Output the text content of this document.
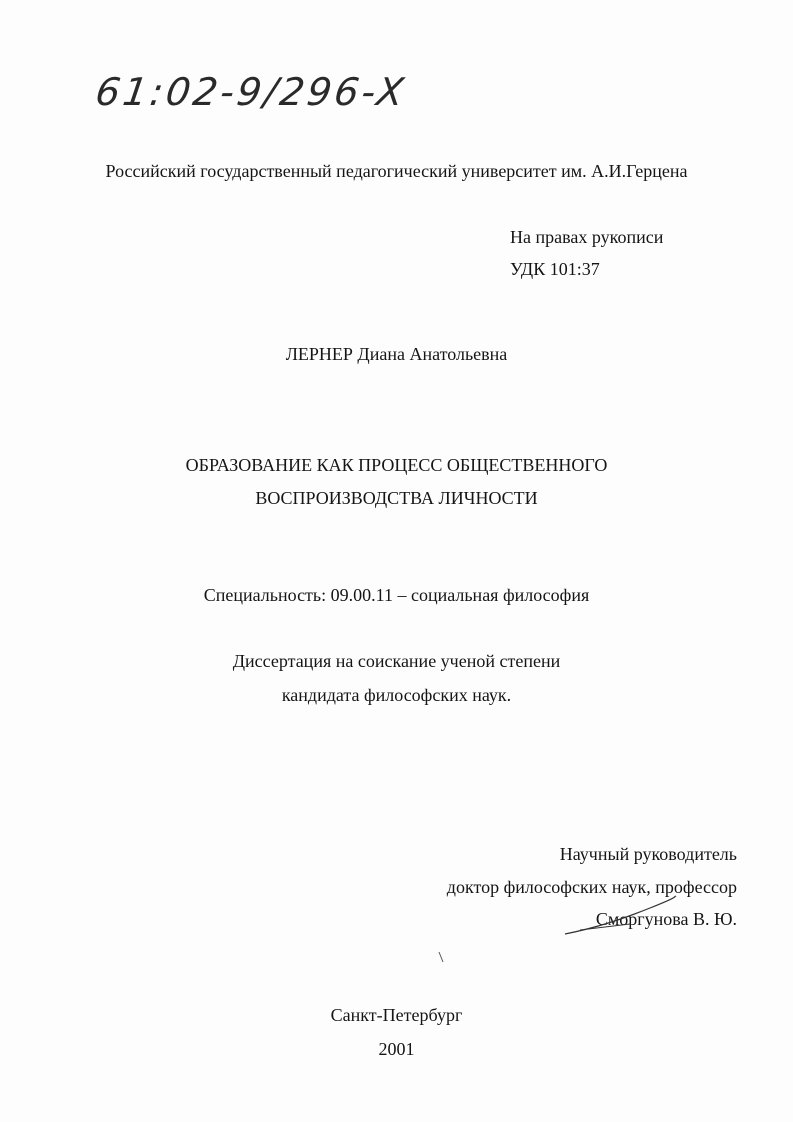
61:02-9/296-X
Российский государственный педагогический университет им. А.И.Герцена
На правах рукописи
УДК 101:37
ЛЕРНЕР Диана Анатольевна
ОБРАЗОВАНИЕ КАК ПРОЦЕСС ОБЩЕСТВЕННОГО
ВОСПРОИЗВОДСТВА ЛИЧНОСТИ
Специальность: 09.00.11 – социальная философия
Диссертация на соискание ученой степени
кандидата философских наук.
Научный руководитель
доктор философских наук, профессор
Сморгунова В. Ю.
Санкт-Петербург
2001
